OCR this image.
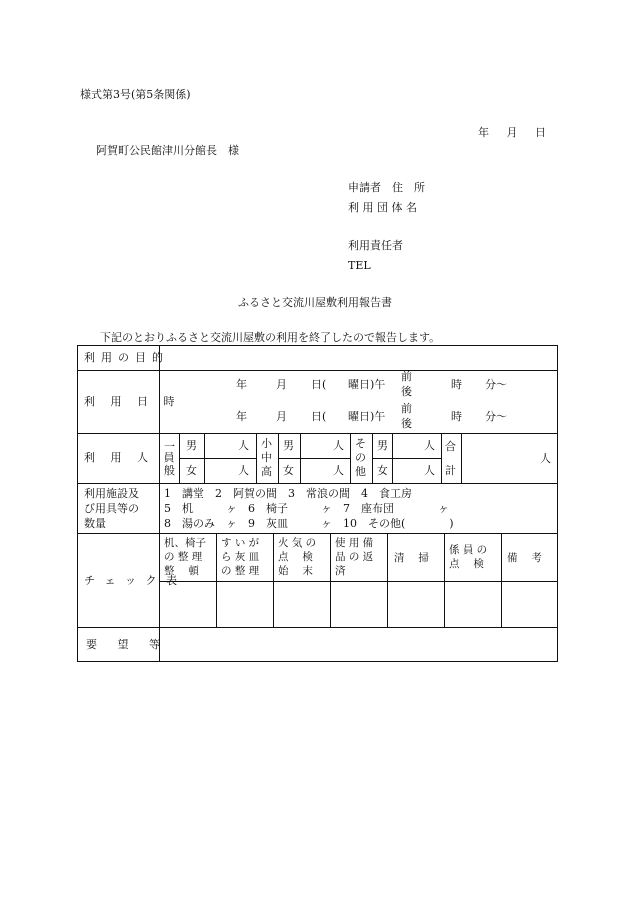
様式第3号(第5条関係)
年 月 日
阿賀町公民館津川分館長　様
申請者　住　所
利 用 団 体 名
利用責任者
TEL
ふるさと交流川屋敷利用報告書
下記のとおりふるさと交流川屋敷の利用を終了したので報告します。
利用の目的
利 用 日 時
年	月 日( 曜日)午
前
後
時 分〜
年	月 日( 曜日)午
前
後
時 分〜
利 用 人 員
一
般
男
女
人
人
小
中
高
男
女
人
人
そ
の
他
男
女
人
人
合
計
人
利用施設及
び用具等の
数量
1　講堂　2　阿賀の間　3　常浪の間　4　食工房
5　机　　　ヶ　6　椅子　　　ヶ　7　座布団　　　　ヶ
8　湯のみ　ヶ　9　灰皿　　　ヶ　10　その他(　　　　)
チ ェ ッ ク 表
机、椅子
の 整 理
整　 頓
す い が
ら 灰 皿
の 整 理
火 気 の
点　 検
始　 末
使 用 備
品 の 返
済
清　 掃
係 員 の
点　 検 備　 考
要　 望　 等
